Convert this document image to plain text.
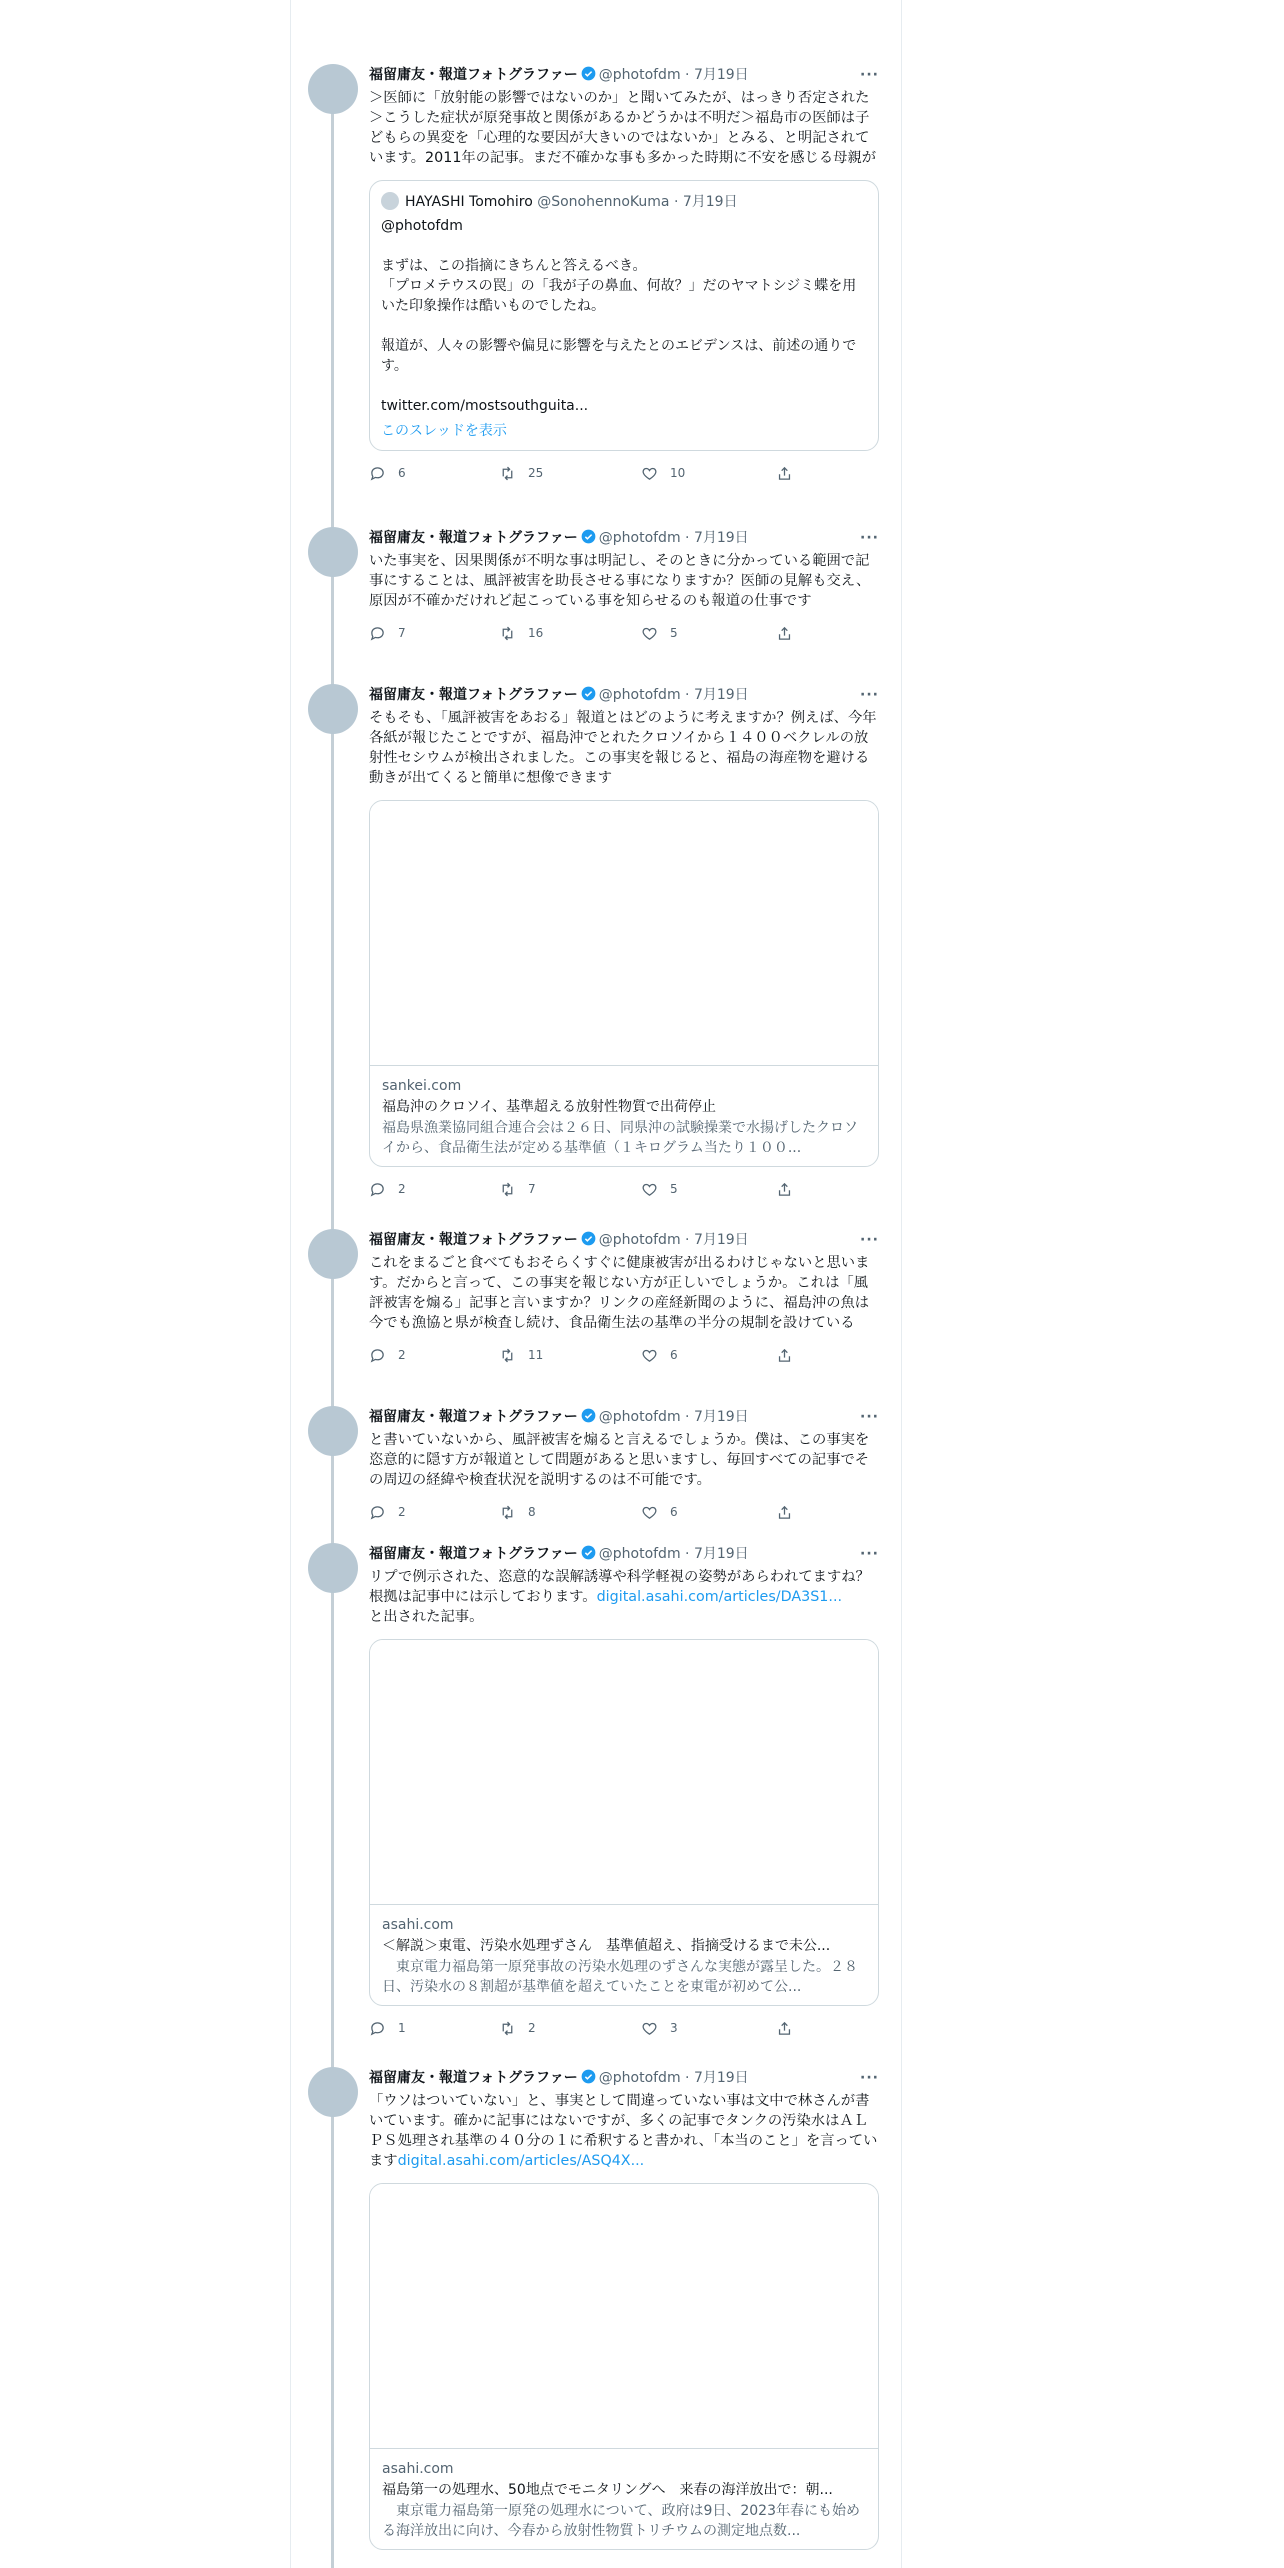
福留庸友・報道フォトグラファー @photofdm · 7月19日	···
＞医師に「放射能の影響ではないのか」と聞いてみたが、はっきり否定された＞こうした症状が原発事故と関係があるかどうかは不明だ＞福島市の医師は子どもらの異変を「心理的な要因が大きいのではないか」とみる、と明記されています。2011年の記事。まだ不確かな事も多かった時期に不安を感じる母親が
HAYASHI Tomohiro @SonohennoKuma · 7月19日

@photofdm

まずは、この指摘にきちんと答えるべき。

「プロメテウスの罠」の「我が子の鼻血、何故？」だのヤマトシジミ蝶を用いた印象操作は酷いものでしたね。

報道が、人々の影響や偏見に影響を与えたとのエビデンスは、前述の通りです。

twitter.com/mostsouthguita...

このスレッドを表示
6	25	10
福留庸友・報道フォトグラファー @photofdm · 7月19日	···
いた事実を、因果関係が不明な事は明記し、そのときに分かっている範囲で記事にすることは、風評被害を助長させる事になりますか？医師の見解も交え、原因が不確かだけれど起こっている事を知らせるのも報道の仕事です
7	16	5
福留庸友・報道フォトグラファー @photofdm · 7月19日	···
そもそも、「風評被害をあおる」報道とはどのように考えますか？例えば、今年各紙が報じたことですが、福島沖でとれたクロソイから１４００ベクレルの放射性セシウムが検出されました。この事実を報じると、福島の海産物を避ける動きが出てくると簡単に想像できます
sankei.com
福島沖のクロソイ、基準超える放射性物質で出荷停止
福島県漁業協同組合連合会は２６日、同県沖の試験操業で水揚げしたクロソイから、食品衛生法が定める基準値（１キログラム当たり１００...
2	7	5
福留庸友・報道フォトグラファー @photofdm · 7月19日	···
これをまるごと食べてもおそらくすぐに健康被害が出るわけじゃないと思います。だからと言って、この事実を報じない方が正しいでしょうか。これは「風評被害を煽る」記事と言いますか？リンクの産経新聞のように、福島沖の魚は今でも漁協と県が検査し続け、食品衛生法の基準の半分の規制を設けている
2	11	6
福留庸友・報道フォトグラファー @photofdm · 7月19日	···
と書いていないから、風評被害を煽ると言えるでしょうか。僕は、この事実を恣意的に隠す方が報道として問題があると思いますし、毎回すべての記事でその周辺の経緯や検査状況を説明するのは不可能です。
2	8	6
福留庸友・報道フォトグラファー @photofdm · 7月19日	···
リプで例示された、恣意的な誤解誘導や科学軽視の姿勢があらわれてますね？根拠は記事中には示しております。digital.asahi.com/articles/DA3S1...
と出された記事。
asahi.com
＜解説＞東電、汚染水処理ずさん　基準値超え、指摘受けるまで未公...
　東京電力福島第一原発事故の汚染水処理のずさんな実態が露呈した。２８日、汚染水の８割超が基準値を超えていたことを東電が初めて公...
1	2	3
福留庸友・報道フォトグラファー @photofdm · 7月19日	···
「ウソはついていない」と、事実として間違っていない事は文中で林さんが書いています。確かに記事にはないですが、多くの記事でタンクの汚染水はＡＬＰＳ処理され基準の４０分の１に希釈すると書かれ、「本当のこと」を言っていますdigital.asahi.com/articles/ASQ4X...
asahi.com
福島第一の処理水、50地点でモニタリングへ　来春の海洋放出で：朝...
　東京電力福島第一原発の処理水について、政府は9日、2023年春にも始める海洋放出に向け、今春から放射性物質トリチウムの測定地点数...
